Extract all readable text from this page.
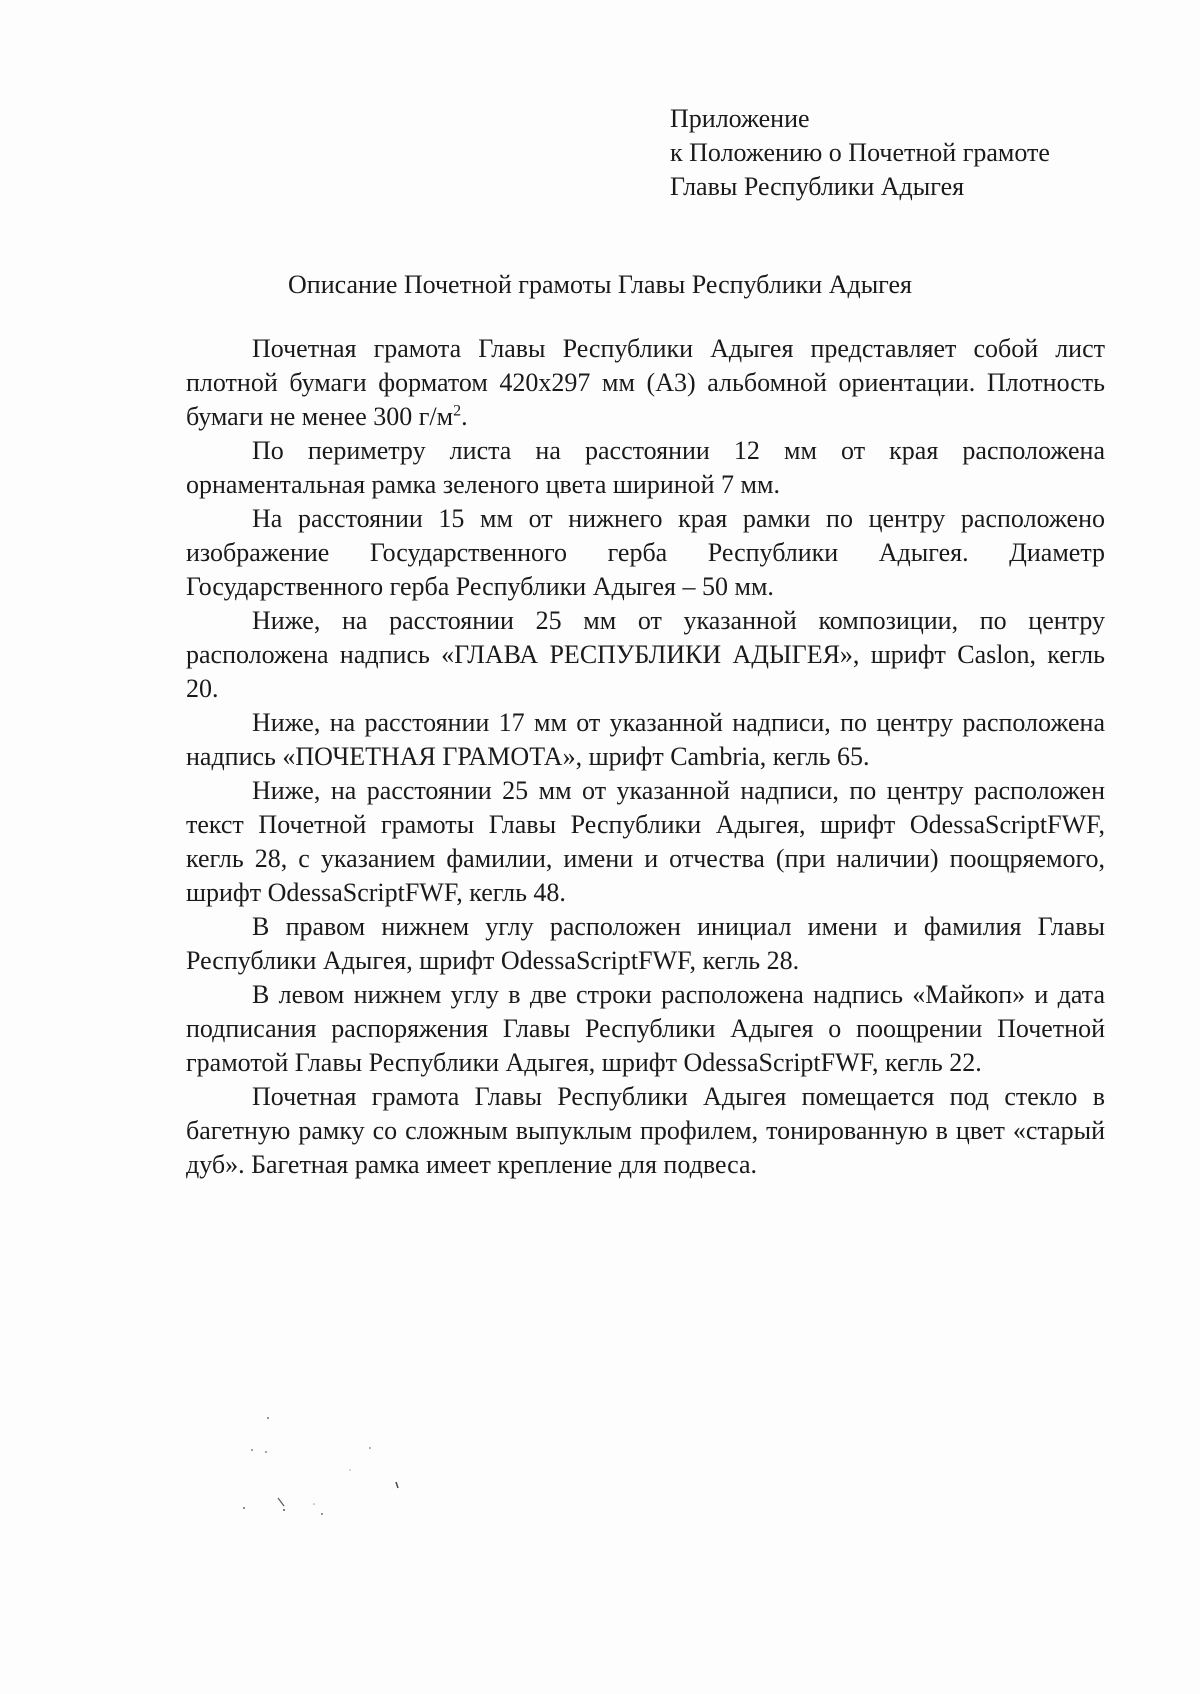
Приложение
к Положению о Почетной грамоте
Главы Республики Адыгея
Описание Почетной грамоты Главы Республики Адыгея

Почетная грамота Главы Республики Адыгея представляет собой лист плотной бумаги форматом 420х297 мм (А3) альбомной ориентации. Плотность бумаги не менее 300 $г/м^2$.

По периметру листа на расстоянии 12 мм от края расположена орнаментальная рамка зеленого цвета шириной 7 мм.

На расстоянии 15 мм от нижнего края рамки по центру расположено изображение Государственного герба Республики Адыгея. Диаметр Государственного герба Республики Адыгея – 50 мм.

Ниже, на расстоянии 25 мм от указанной композиции, по центру расположена надпись «ГЛАВА РЕСПУБЛИКИ АДЫГЕЯ», шрифт Caslon, кегль 20.

Ниже, на расстоянии 17 мм от указанной надписи, по центру расположена надпись «ПОЧЕТНАЯ ГРАМОТА», шрифт Cambria, кегль 65.

Ниже, на расстоянии 25 мм от указанной надписи, по центру расположен текст Почетной грамоты Главы Республики Адыгея, шрифт OdessaScriptFWF, кегль 28, с указанием фамилии, имени и отчества (при наличии) поощряемого, шрифт OdessaScriptFWF, кегль 48.

В правом нижнем углу расположен инициал имени и фамилия Главы Республики Адыгея, шрифт OdessaScriptFWF, кегль 28.

В левом нижнем углу в две строки расположена надпись «Майкоп» и дата подписания распоряжения Главы Республики Адыгея о поощрении Почетной грамотой Главы Республики Адыгея, шрифт OdessaScriptFWF, кегль 22.

Почетная грамота Главы Республики Адыгея помещается под стекло в багетную рамку со сложным выпуклым профилем, тонированную в цвет «старый дуб». Багетная рамка имеет крепление для подвеса.
